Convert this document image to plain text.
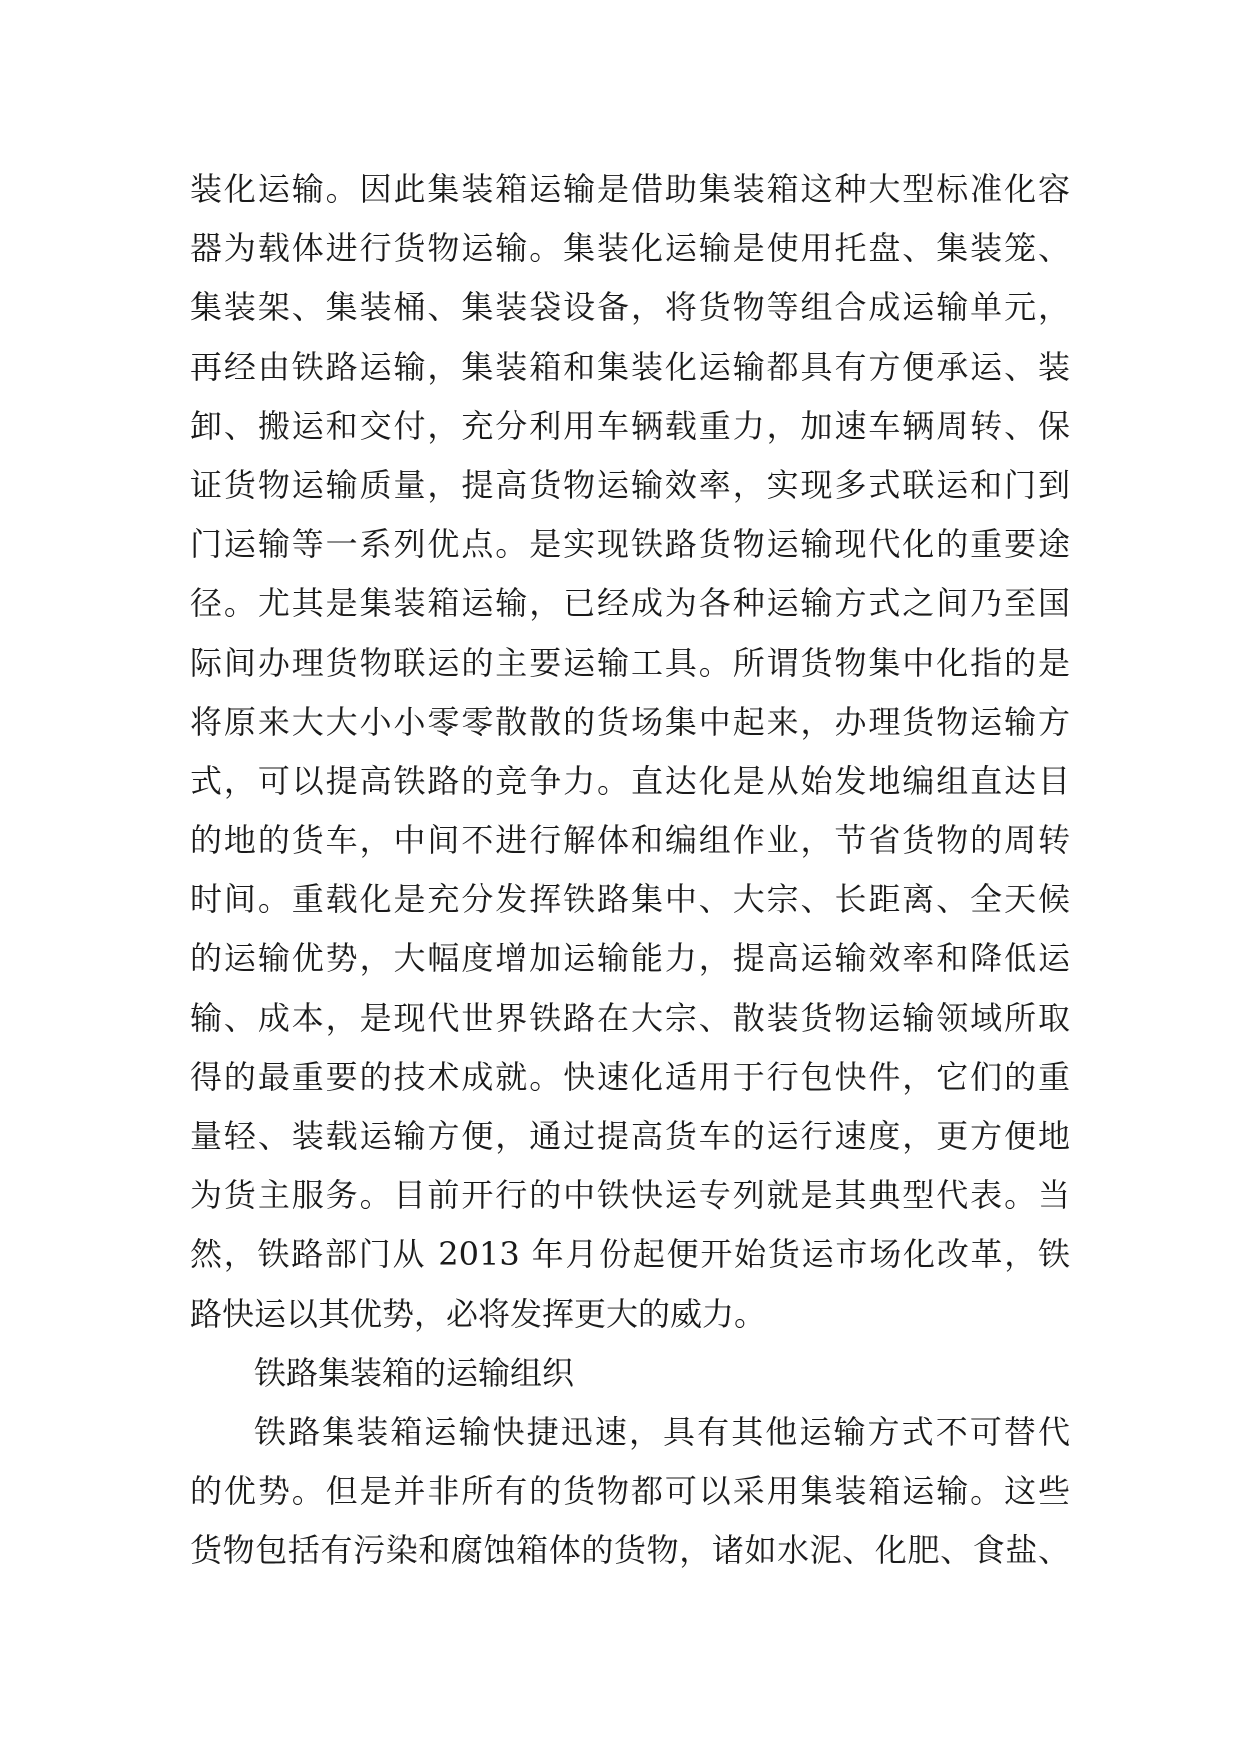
装化运输。因此集装箱运输是借助集装箱这种大型标准化容
器为载体进行货物运输。集装化运输是使用托盘、集装笼、
集装架、集装桶、集装袋设备，将货物等组合成运输单元，
再经由铁路运输，集装箱和集装化运输都具有方便承运、装
卸、搬运和交付，充分利用车辆载重力，加速车辆周转、保
证货物运输质量，提高货物运输效率，实现多式联运和门到
门运输等一系列优点。是实现铁路货物运输现代化的重要途
径。尤其是集装箱运输，已经成为各种运输方式之间乃至国
际间办理货物联运的主要运输工具。所谓货物集中化指的是
将原来大大小小零零散散的货场集中起来，办理货物运输方
式，可以提高铁路的竞争力。直达化是从始发地编组直达目
的地的货车，中间不进行解体和编组作业，节省货物的周转
时间。重载化是充分发挥铁路集中、大宗、长距离、全天候
的运输优势，大幅度增加运输能力，提高运输效率和降低运
输、成本，是现代世界铁路在大宗、散装货物运输领域所取
得的最重要的技术成就。快速化适用于行包快件，它们的重
量轻、装载运输方便，通过提高货车的运行速度，更方便地
为货主服务。目前开行的中铁快运专列就是其典型代表。当
然，铁路部门从 2013 年月份起便开始货运市场化改革，铁
路快运以其优势，必将发挥更大的威力。
铁路集装箱的运输组织
铁路集装箱运输快捷迅速，具有其他运输方式不可替代
的优势。但是并非所有的货物都可以采用集装箱运输。这些
货物包括有污染和腐蚀箱体的货物，诸如水泥、化肥、食盐、
